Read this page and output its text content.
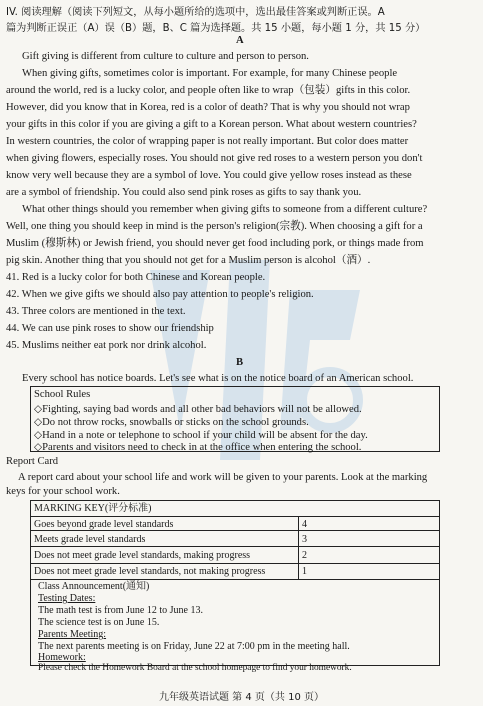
IV. 阅读理解（阅读下列短文，从每小题所给的选项中，选出最佳答案或判断正误。A
篇为判断正误正（A）误（B）题，B、C 篇为选择题。共 15 小题，每小题 1 分，共 15 分）
A
Gift giving is different from culture to culture and person to person.
When giving gifts, sometimes color is important. For example, for many Chinese people
around the world, red is a lucky color, and people often like to wrap（包装）gifts in this color.
However, did you know that in Korea, red is a color of death? That is why you should not wrap
your gifts in this color if you are giving a gift to a Korean person. What about western countries?
In western countries, the color of wrapping paper is not really important. But color does matter
when giving flowers, especially roses. You should not give red roses to a western person you don't
know very well because they are a symbol of love. You could give yellow roses instead as these
are a symbol of friendship. You could also send pink roses as gifts to say thank you.
What other things should you remember when giving gifts to someone from a different culture?
Well, one thing you should keep in mind is the person's religion(宗教). When choosing a gift for a
Muslim (穆斯林) or Jewish friend, you should never get food including pork, or things made from
pig skin. Another thing that you should not get for a Muslim person is alcohol（酒）.
41. Red is a lucky color for both Chinese and Korean people.
42. When we give gifts we should also pay attention to people's religion.
43. Three colors are mentioned in the text.
44. We can use pink roses to show our friendship
45. Muslims neither eat pork nor drink alcohol.
B
Every school has notice boards. Let's see what is on the notice board of an American school.
School Rules
◇Fighting, saying bad words and all other bad behaviors will not be allowed.
◇Do not throw rocks, snowballs or sticks on the school grounds.
◇Hand in a note or telephone to school if your child will be absent for the day.
◇Parents and visitors need to check in at the office when entering the school.
Report Card
A report card about your school life and work will be given to your parents. Look at the marking
keys for your school work.
MARKING KEY(评分标准)
Goes beyond grade level standards	4
Meets grade level standards	3
Does not meet grade level standards, making progress	2
Does not meet grade level standards, not making progress	1
Class Announcement(通知)
Testing Dates:
The math test is from June 12 to June 13.
The science test is on June 15.
Parents Meeting:
The next parents meeting is on Friday, June 22 at 7:00 pm in the meeting hall.
Homework:
Please check the Homework Board at the school homepage to find your homework.
九年级英语试题 第 4 页（共 10 页）
